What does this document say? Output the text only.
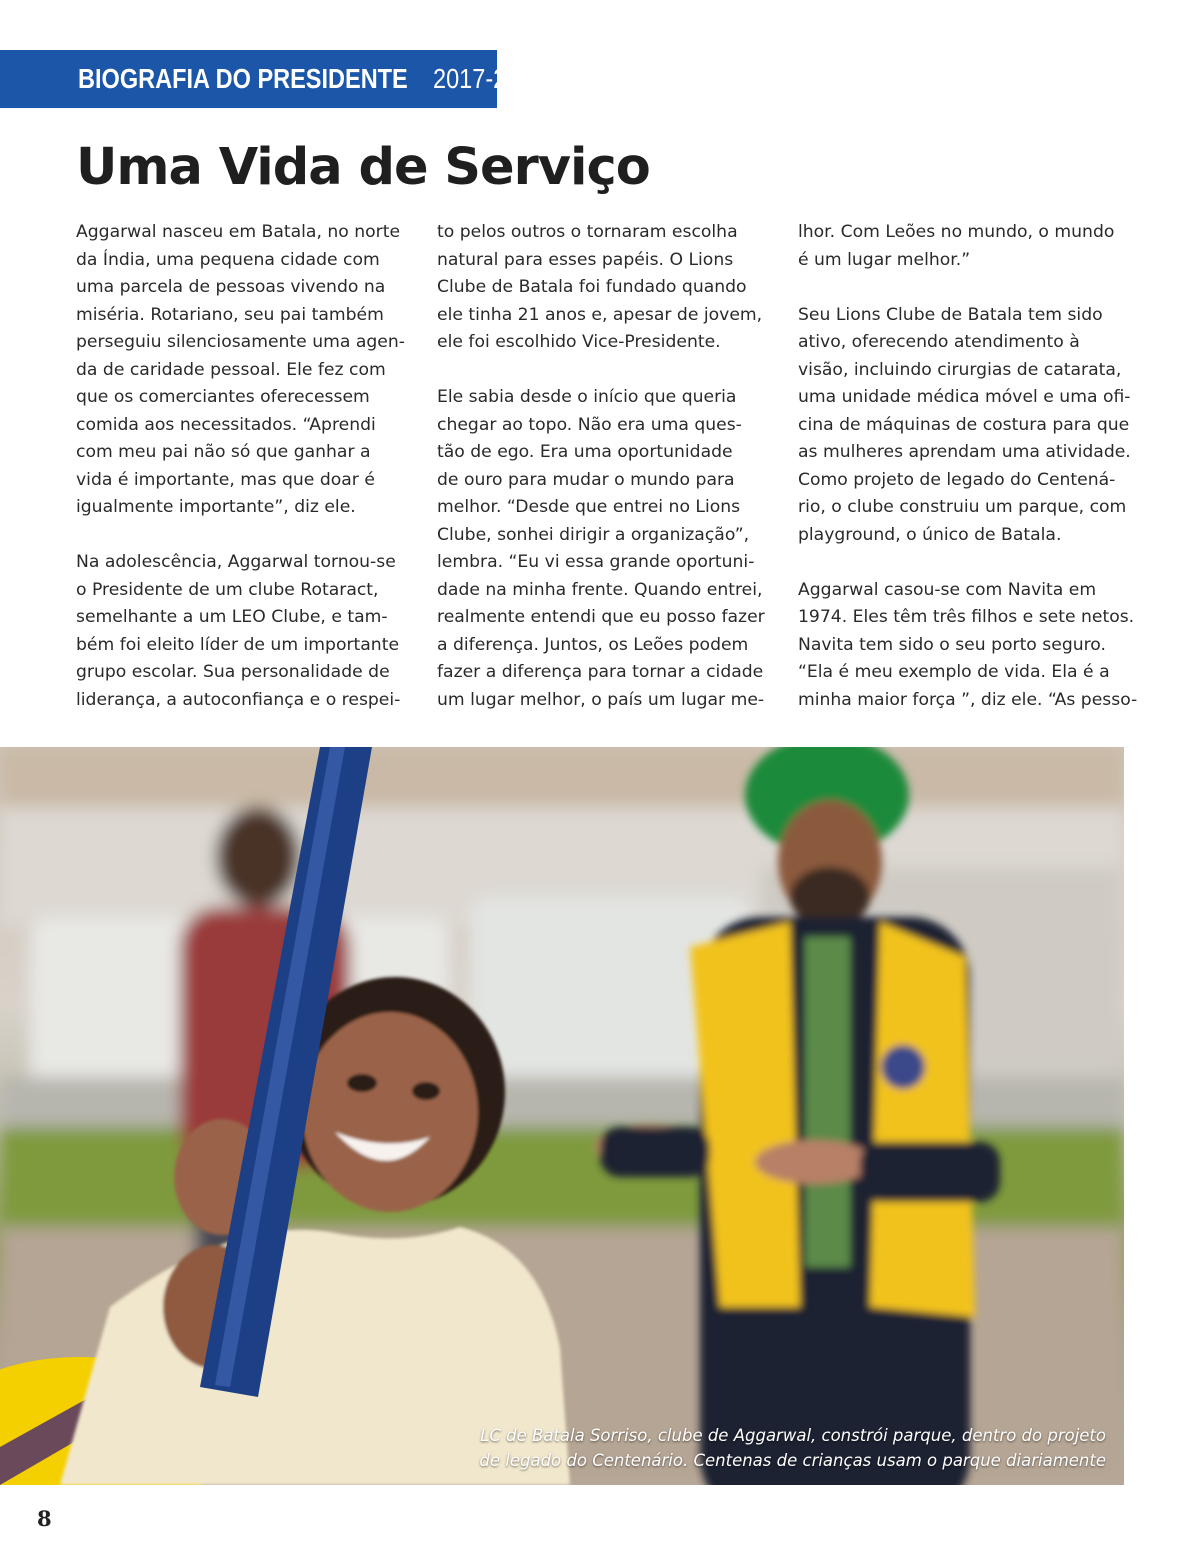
BIOGRAFIA DO PRESIDENTE 2017-2018
Uma Vida de Serviço

Aggarwal nasceu em Batala, no norte
da Índia, uma pequena cidade com
uma parcela de pessoas vivendo na
miséria. Rotariano, seu pai também
perseguiu silenciosamente uma agen-
da de caridade pessoal. Ele fez com
que os comerciantes oferecessem
comida aos necessitados. “Aprendi
com meu pai não só que ganhar a
vida é importante, mas que doar é
igualmente importante”, diz ele.

Na adolescência, Aggarwal tornou-se
o Presidente de um clube Rotaract,
semelhante a um LEO Clube, e tam-
bém foi eleito líder de um importante
grupo escolar. Sua personalidade de
liderança, a autoconfiança e o respei-

to pelos outros o tornaram escolha
natural para esses papéis. O Lions
Clube de Batala foi fundado quando
ele tinha 21 anos e, apesar de jovem,
ele foi escolhido Vice-Presidente.

Ele sabia desde o início que queria
chegar ao topo. Não era uma ques-
tão de ego. Era uma oportunidade
de ouro para mudar o mundo para
melhor. “Desde que entrei no Lions
Clube, sonhei dirigir a organização”,
lembra. “Eu vi essa grande oportuni-
dade na minha frente. Quando entrei,
realmente entendi que eu posso fazer
a diferença. Juntos, os Leões podem
fazer a diferença para tornar a cidade
um lugar melhor, o país um lugar me-

lhor. Com Leões no mundo, o mundo
é um lugar melhor.”

Seu Lions Clube de Batala tem sido
ativo, oferecendo atendimento à
visão, incluindo cirurgias de catarata,
uma unidade médica móvel e uma ofi-
cina de máquinas de costura para que
as mulheres aprendam uma atividade.
Como projeto de legado do Centená-
rio, o clube construiu um parque, com
playground, o único de Batala.

Aggarwal casou-se com Navita em
1974. Eles têm três filhos e sete netos.
Navita tem sido o seu porto seguro.
“Ela é meu exemplo de vida. Ela é a
minha maior força ”, diz ele. “As pesso-

LC de Batala Sorriso, clube de Aggarwal, constrói parque, dentro do projeto
de legado do Centenário. Centenas de crianças usam o parque diariamente
8
